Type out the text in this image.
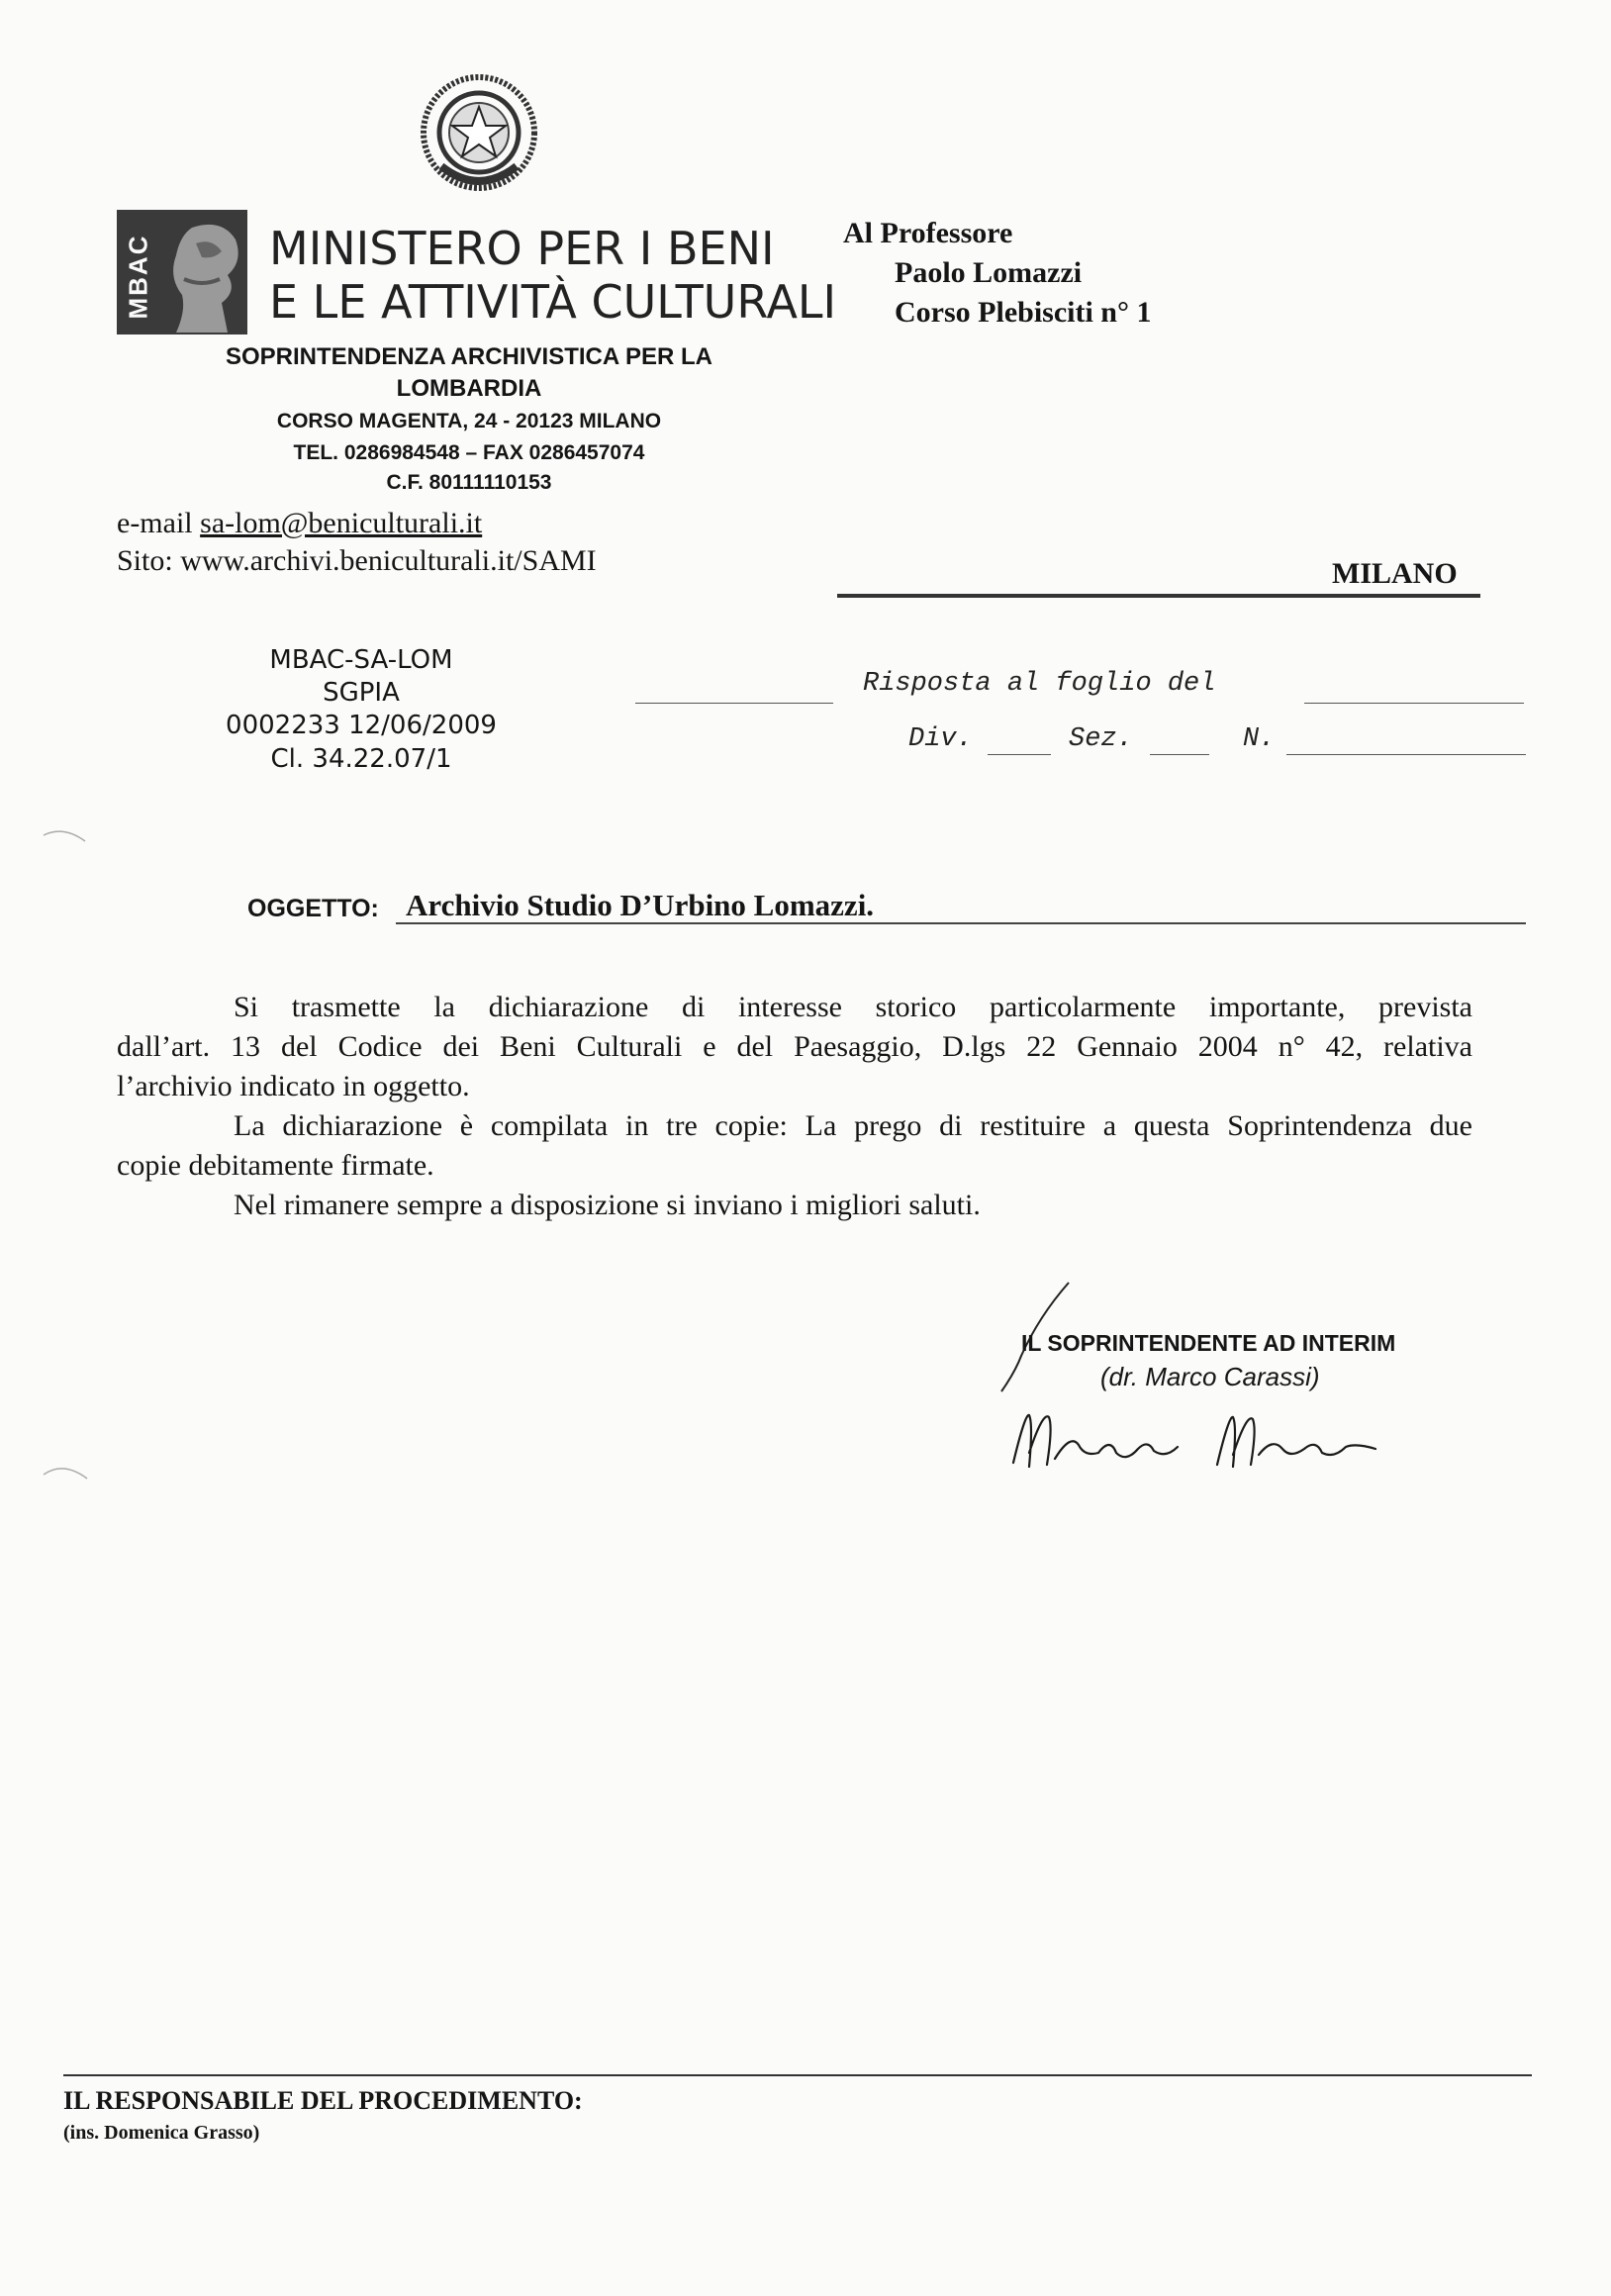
MBAC	MINISTERO PER I BENI
E LE ATTIVITÀ CULTURALI
SOPRINTENDENZA ARCHIVISTICA PER LA
LOMBARDIA
CORSO MAGENTA, 24 - 20123 MILANO
TEL. 0286984548 – FAX 0286457074
C.F. 80111110153
e-mail sa-lom@beniculturali.it
Sito: www.archivi.beniculturali.it/SAMI
Al Professore
Paolo Lomazzi
Corso Plebisciti n° 1
MILANO
MBAC-SA-LOM
SGPIA
0002233 12/06/2009
Cl. 34.22.07/1
Risposta al foglio del
Div.	Sez.	N.
OGGETTO: Archivio Studio D’Urbino Lomazzi.
Si trasmette la dichiarazione di interesse storico particolarmente importante, prevista
dall’art. 13 del Codice dei Beni Culturali e del Paesaggio, D.lgs 22 Gennaio 2004 n° 42, relativa
l’archivio indicato in oggetto.
La dichiarazione è compilata in tre copie: La prego di restituire a questa Soprintendenza due
copie debitamente firmate.
Nel rimanere sempre a disposizione si inviano i migliori saluti.
IL SOPRINTENDENTE AD INTERIM
(dr. Marco Carassi)
IL RESPONSABILE DEL PROCEDIMENTO:
(ins. Domenica Grasso)
